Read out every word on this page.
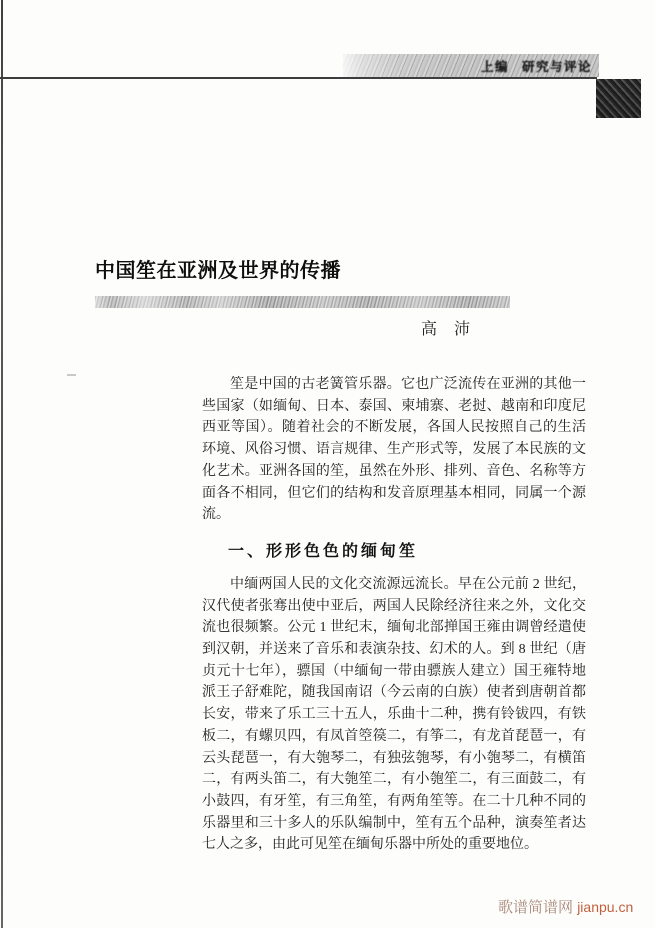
上编 研究与评论
中国笙在亚洲及世界的传播
高 沛

笙是中国的古老簧管乐器。它也广泛流传在亚洲的其他一些国家（如缅甸、日本、泰国、柬埔寨、老挝、越南和印度尼西亚等国）。随着社会的不断发展，各国人民按照自己的生活环境、风俗习惯、语言规律、生产形式等，发展了本民族的文化艺术。亚洲各国的笙，虽然在外形、排列、音色、名称等方面各不相同，但它们的结构和发音原理基本相同，同属一个源流。

一、形形色色的缅甸笙

中缅两国人民的文化交流源远流长。早在公元前 2 世纪，汉代使者张骞出使中亚后，两国人民除经济往来之外，文化交流也很频繁。公元 1 世纪末，缅甸北部掸国王雍由调曾经遣使到汉朝，并送来了音乐和表演杂技、幻术的人。到 8 世纪（唐贞元十七年），骠国（中缅甸一带由骠族人建立）国王雍特地派王子舒难陀，随我国南诏（今云南的白族）使者到唐朝首都长安，带来了乐工三十五人，乐曲十二种，携有铃钹四，有铁板二，有螺贝四，有凤首箜篌二，有筝二，有龙首琵琶一，有云头琵琶一，有大匏琴二，有独弦匏琴，有小匏琴二，有横笛二，有两头笛二，有大匏笙二，有小匏笙二，有三面鼓二，有小鼓四，有牙笙，有三角笙，有两角笙等。在二十几种不同的乐器里和三十多人的乐队编制中，笙有五个品种，演奏笙者达七人之多，由此可见笙在缅甸乐器中所处的重要地位。

歌谱简谱网 jianpu.cn
